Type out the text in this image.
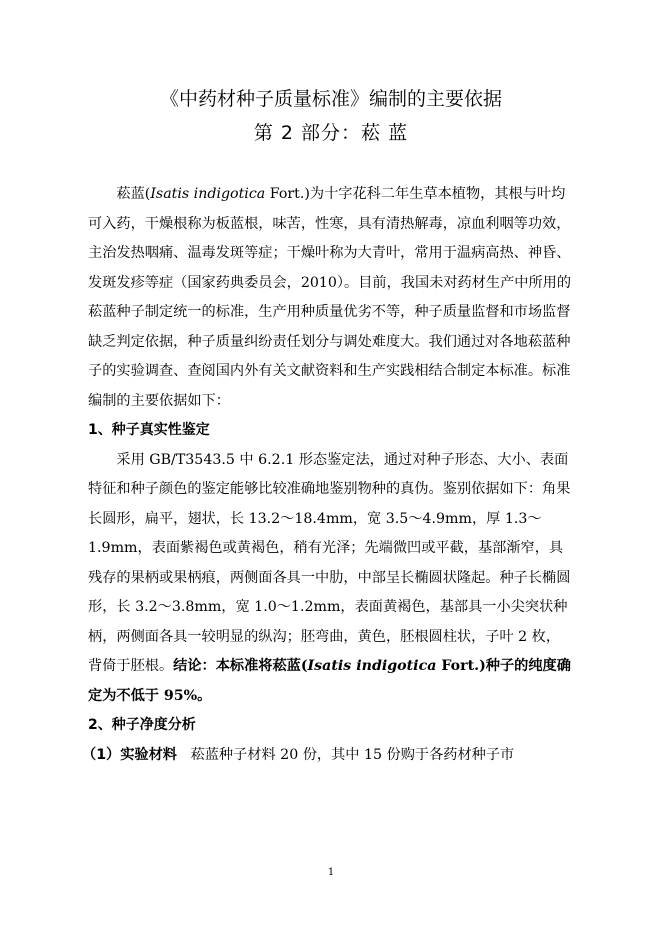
《中药材种子质量标准》编制的主要依据
第 2 部分：菘 蓝

菘蓝(Isatis indigotica Fort.)为十字花科二年生草本植物，其根与叶均可入药，干燥根称为板蓝根，味苦，性寒，具有清热解毒，凉血利咽等功效，主治发热咽痛、温毒发斑等症；干燥叶称为大青叶，常用于温病高热、神昏、发斑发疹等症（国家药典委员会，2010）。目前，我国未对药材生产中所用的菘蓝种子制定统一的标准，生产用种质量优劣不等，种子质量监督和市场监督缺乏判定依据，种子质量纠纷责任划分与调处难度大。我们通过对各地菘蓝种子的实验调查、查阅国内外有关文献资料和生产实践相结合制定本标准。标准编制的主要依据如下：

1、种子真实性鉴定

采用 GB/T3543.5 中 6.2.1 形态鉴定法，通过对种子形态、大小、表面特征和种子颜色的鉴定能够比较准确地鉴别物种的真伪。鉴别依据如下：角果长圆形，扁平，翅状，长 13.2～18.4mm，宽 3.5～4.9mm，厚 1.3～1.9mm，表面紫褐色或黄褐色，稍有光泽；先端微凹或平截，基部渐窄，具残存的果柄或果柄痕，两侧面各具一中肋，中部呈长椭圆状隆起。种子长椭圆形，长 3.2～3.8mm，宽 1.0～1.2mm，表面黄褐色，基部具一小尖突状种柄，两侧面各具一较明显的纵沟；胚弯曲，黄色，胚根圆柱状，子叶 2 枚，背倚于胚根。结论：本标准将菘蓝(Isatis indigotica Fort.)种子的纯度确定为不低于 95%。

2、种子净度分析

（1）实验材料 菘蓝种子材料 20 份，其中 15 份购于各药材种子市

1
